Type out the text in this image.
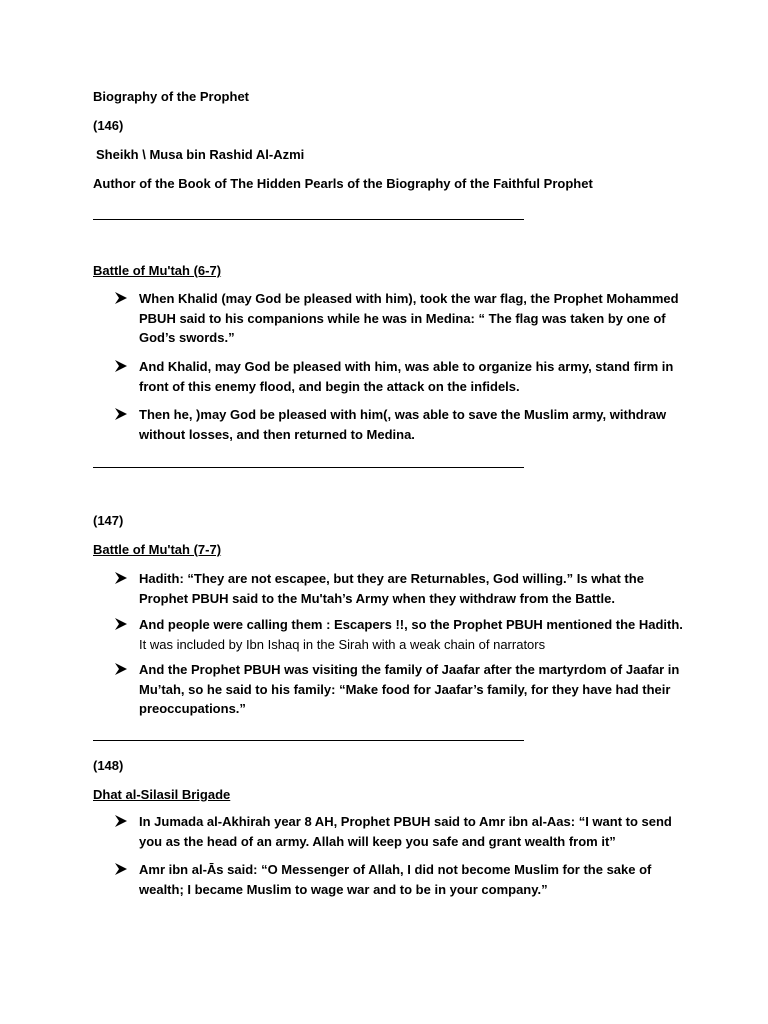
Biography of the Prophet
(146)
Sheikh \ Musa bin Rashid Al-Azmi
Author of the Book of The Hidden Pearls of the Biography of the Faithful Prophet
Battle of Mu'tah (6-7)
When Khalid (may God be pleased with him), took the war flag, the Prophet Mohammed PBUH said to his companions while he was in Medina: “ The flag was taken by one of God’s swords.”
And Khalid, may God be pleased with him, was able to organize his army, stand firm in front of this enemy flood, and begin the attack on the infidels.
Then he, )may God be pleased with him(, was able to save the Muslim army, withdraw without losses, and then returned to Medina.
(147)
Battle of Mu'tah (7-7)
Hadith: “They are not escapee, but they are Returnables, God willing.” Is what the Prophet PBUH said to the Mu'tah’s Army when they withdraw from the Battle.
And people were calling them : Escapers !!, so the Prophet PBUH mentioned the Hadith. It was included by Ibn Ishaq in the Sirah with a weak chain of narrators
And the Prophet PBUH was visiting the family of Jaafar after the martyrdom of Jaafar in Mu’tah, so he said to his family: “Make food for Jaafar’s family, for they have had their preoccupations.”
(148)
Dhat al-Silasil Brigade
In Jumada al-Akhirah year 8 AH, Prophet PBUH said to Amr ibn al-Aas: “I want to send you as the head of an army. Allah will keep you safe and grant wealth from it”
Amr ibn al-Ās said: “O Messenger of Allah, I did not become Muslim for the sake of wealth; I became Muslim to wage war and to be in your company.”
